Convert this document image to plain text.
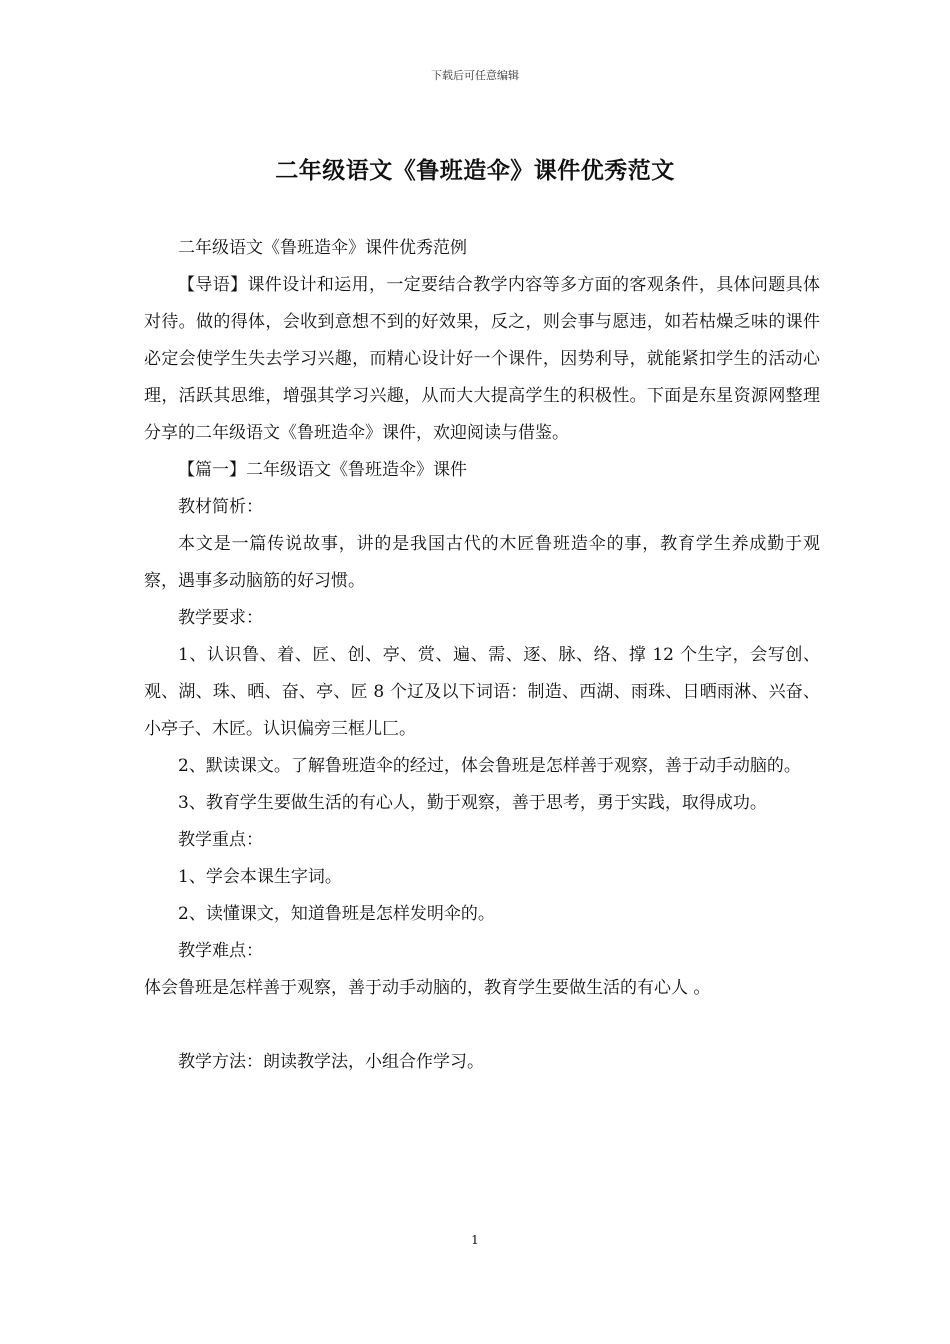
下载后可任意编辑
二年级语文《鲁班造伞》课件优秀范文

二年级语文《鲁班造伞》课件优秀范例

【导语】课件设计和运用，一定要结合教学内容等多方面的客观条件，具体问题具体对待。做的得体，会收到意想不到的好效果，反之，则会事与愿违，如若枯燥乏味的课件必定会使学生失去学习兴趣，而精心设计好一个课件，因势利导，就能紧扣学生的活动心理，活跃其思维，增强其学习兴趣，从而大大提高学生的积极性。下面是东星资源网整理分享的二年级语文《鲁班造伞》课件，欢迎阅读与借鉴。

【篇一】二年级语文《鲁班造伞》课件

教材简析：

本文是一篇传说故事，讲的是我国古代的木匠鲁班造伞的事，教育学生养成勤于观察，遇事多动脑筋的好习惯。

教学要求：

1、认识鲁、着、匠、创、亭、赏、遍、需、逐、脉、络、撑 12 个生字，会写创、观、湖、珠、晒、奋、亭、匠 8 个辽及以下词语：制造、西湖、雨珠、日晒雨淋、兴奋、小亭子、木匠。认识偏旁三框儿匚。

2、默读课文。了解鲁班造伞的经过，体会鲁班是怎样善于观察，善于动手动脑的。

3、教育学生要做生活的有心人，勤于观察，善于思考，勇于实践，取得成功。

教学重点：

1、学会本课生字词。

2、读懂课文，知道鲁班是怎样发明伞的。

教学难点：

体会鲁班是怎样善于观察，善于动手动脑的，教育学生要做生活的有心人 。

教学方法：朗读教学法，小组合作学习。

1
